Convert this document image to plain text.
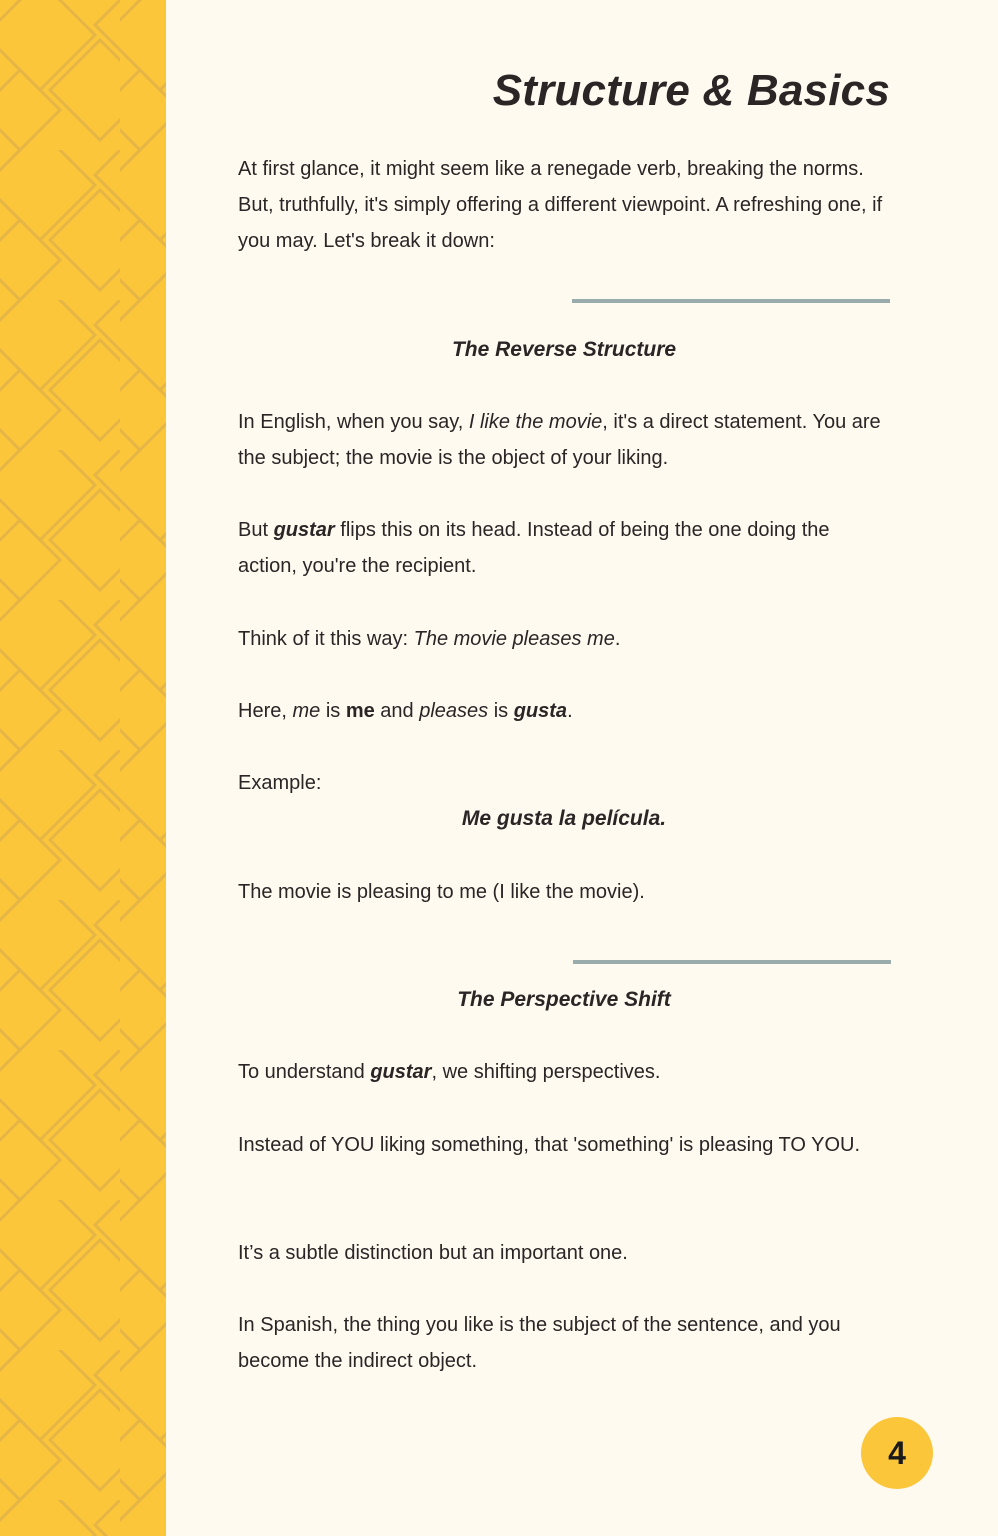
Structure & Basics

At first glance, it might seem like a renegade verb, breaking the norms. But, truthfully, it's simply offering a different viewpoint. A refreshing one, if you may. Let's break it down:

The Reverse Structure

In English, when you say, I like the movie, it's a direct statement. You are the subject; the movie is the object of your liking.

But gustar flips this on its head. Instead of being the one doing the action, you're the recipient.

Think of it this way: The movie pleases me.

Here, me is me and pleases is gusta.

Example:

Me gusta la película.

The movie is pleasing to me (I like the movie).

The Perspective Shift

To understand gustar, we shifting perspectives.

Instead of YOU liking something, that 'something' is pleasing TO YOU.

It’s a subtle distinction but an important one.

In Spanish, the thing you like is the subject of the sentence, and you become the indirect object.

4
